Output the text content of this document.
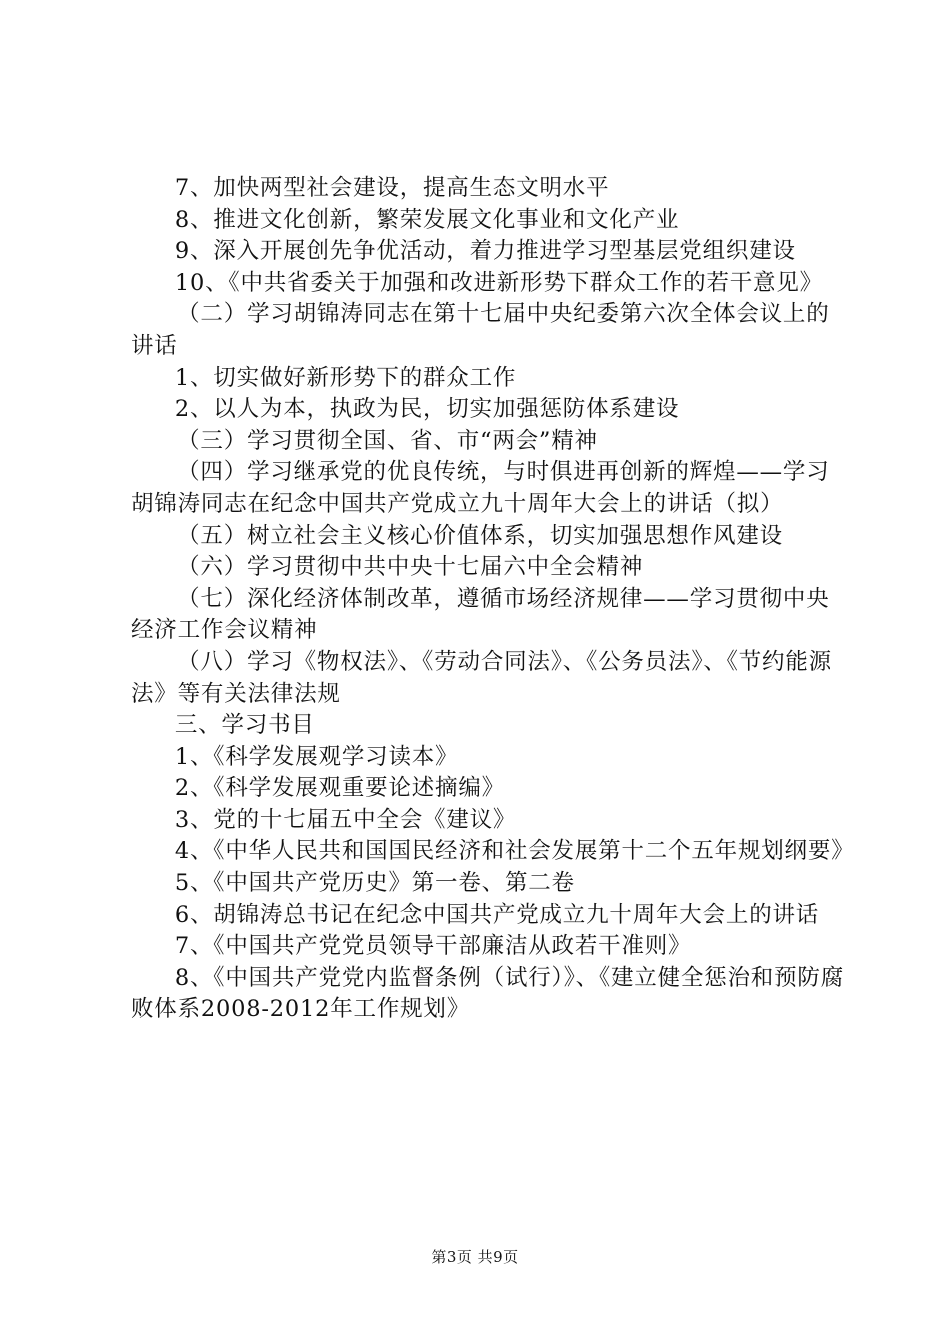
7、加快两型社会建设，提高生态文明水平

8、推进文化创新，繁荣发展文化事业和文化产业

9、深入开展创先争优活动，着力推进学习型基层党组织建设

10、《中共省委关于加强和改进新形势下群众工作的若干意见》

（二）学习胡锦涛同志在第十七届中央纪委第六次全体会议上的讲话

1、切实做好新形势下的群众工作

2、以人为本，执政为民，切实加强惩防体系建设

（三）学习贯彻全国、省、市“两会”精神

（四）学习继承党的优良传统，与时俱进再创新的辉煌——学习胡锦涛同志在纪念中国共产党成立九十周年大会上的讲话（拟）

（五）树立社会主义核心价值体系，切实加强思想作风建设

（六）学习贯彻中共中央十七届六中全会精神

（七）深化经济体制改革，遵循市场经济规律——学习贯彻中央经济工作会议精神

（八）学习《物权法》、《劳动合同法》、《公务员法》、《节约能源法》等有关法律法规

三、学习书目

1、《科学发展观学习读本》

2、《科学发展观重要论述摘编》

3、党的十七届五中全会《建议》

4、《中华人民共和国国民经济和社会发展第十二个五年规划纲要》

5、《中国共产党历史》第一卷、第二卷

6、胡锦涛总书记在纪念中国共产党成立九十周年大会上的讲话

7、《中国共产党党员领导干部廉洁从政若干准则》

8、《中国共产党党内监督条例（试行）》、《建立健全惩治和预防腐败体系2008-2012年工作规划》

第3页 共9页
